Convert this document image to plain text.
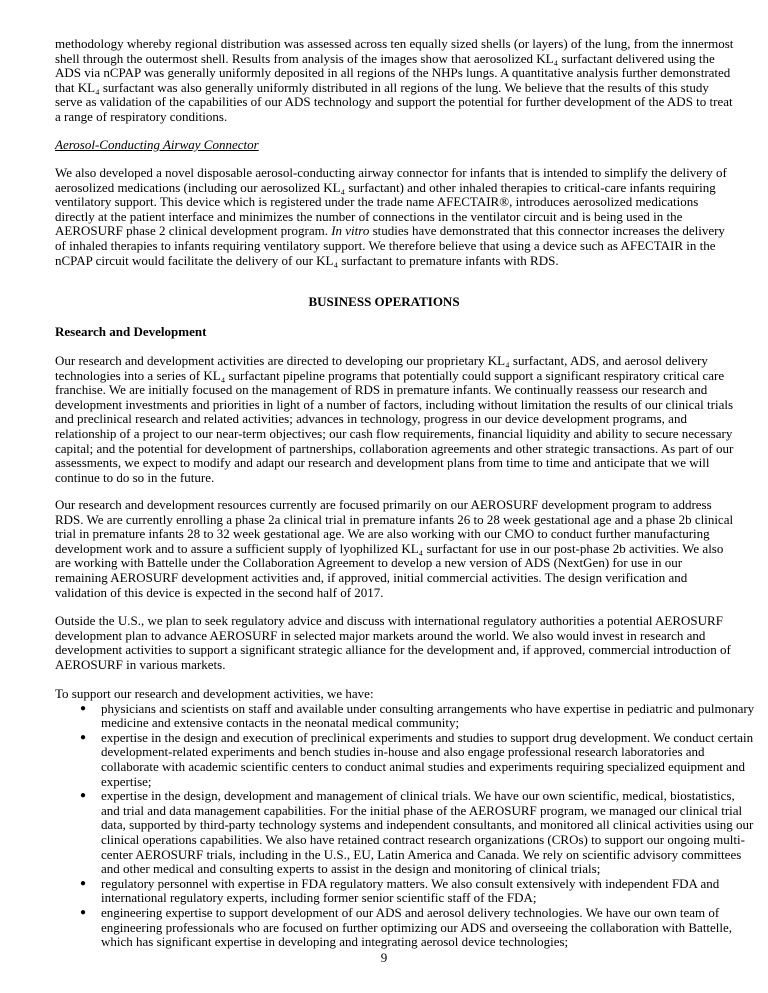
methodology whereby regional distribution was assessed across ten equally sized shells (or layers) of the lung, from the innermost
shell through the outermost shell. Results from analysis of the images show that aerosolized KL₄ surfactant delivered using the
ADS via nCPAP was generally uniformly deposited in all regions of the NHPs lungs. A quantitative analysis further demonstrated
that KL₄ surfactant was also generally uniformly distributed in all regions of the lung. We believe that the results of this study
serve as validation of the capabilities of our ADS technology and support the potential for further development of the ADS to treat
a range of respiratory conditions.
Aerosol-Conducting Airway Connector
We also developed a novel disposable aerosol-conducting airway connector for infants that is intended to simplify the delivery of
aerosolized medications (including our aerosolized KL₄ surfactant) and other inhaled therapies to critical-care infants requiring
ventilatory support. This device which is registered under the trade name AFECTAIR®, introduces aerosolized medications
directly at the patient interface and minimizes the number of connections in the ventilator circuit and is being used in the
AEROSURF phase 2 clinical development program. In vitro studies have demonstrated that this connector increases the delivery
of inhaled therapies to infants requiring ventilatory support. We therefore believe that using a device such as AFECTAIR in the
nCPAP circuit would facilitate the delivery of our KL₄ surfactant to premature infants with RDS.
BUSINESS OPERATIONS
Research and Development
Our research and development activities are directed to developing our proprietary KL₄ surfactant, ADS, and aerosol delivery
technologies into a series of KL₄ surfactant pipeline programs that potentially could support a significant respiratory critical care
franchise. We are initially focused on the management of RDS in premature infants. We continually reassess our research and
development investments and priorities in light of a number of factors, including without limitation the results of our clinical trials
and preclinical research and related activities; advances in technology, progress in our device development programs, and
relationship of a project to our near-term objectives; our cash flow requirements, financial liquidity and ability to secure necessary
capital; and the potential for development of partnerships, collaboration agreements and other strategic transactions. As part of our
assessments, we expect to modify and adapt our research and development plans from time to time and anticipate that we will
continue to do so in the future.
Our research and development resources currently are focused primarily on our AEROSURF development program to address
RDS. We are currently enrolling a phase 2a clinical trial in premature infants 26 to 28 week gestational age and a phase 2b clinical
trial in premature infants 28 to 32 week gestational age. We are also working with our CMO to conduct further manufacturing
development work and to assure a sufficient supply of lyophilized KL₄ surfactant for use in our post-phase 2b activities. We also
are working with Battelle under the Collaboration Agreement to develop a new version of ADS (NextGen) for use in our
remaining AEROSURF development activities and, if approved, initial commercial activities. The design verification and
validation of this device is expected in the second half of 2017.
Outside the U.S., we plan to seek regulatory advice and discuss with international regulatory authorities a potential AEROSURF
development plan to advance AEROSURF in selected major markets around the world. We also would invest in research and
development activities to support a significant strategic alliance for the development and, if approved, commercial introduction of
AEROSURF in various markets.
To support our research and development activities, we have:
● physicians and scientists on staff and available under consulting arrangements who have expertise in pediatric and pulmonary
medicine and extensive contacts in the neonatal medical community;
● expertise in the design and execution of preclinical experiments and studies to support drug development. We conduct certain
development-related experiments and bench studies in-house and also engage professional research laboratories and
collaborate with academic scientific centers to conduct animal studies and experiments requiring specialized equipment and
expertise;
● expertise in the design, development and management of clinical trials. We have our own scientific, medical, biostatistics,
and trial and data management capabilities. For the initial phase of the AEROSURF program, we managed our clinical trial
data, supported by third-party technology systems and independent consultants, and monitored all clinical activities using our
clinical operations capabilities. We also have retained contract research organizations (CROs) to support our ongoing multi-
center AEROSURF trials, including in the U.S., EU, Latin America and Canada. We rely on scientific advisory committees
and other medical and consulting experts to assist in the design and monitoring of clinical trials;
● regulatory personnel with expertise in FDA regulatory matters. We also consult extensively with independent FDA and
international regulatory experts, including former senior scientific staff of the FDA;
● engineering expertise to support development of our ADS and aerosol delivery technologies. We have our own team of
engineering professionals who are focused on further optimizing our ADS and overseeing the collaboration with Battelle,
which has significant expertise in developing and integrating aerosol device technologies;
9
